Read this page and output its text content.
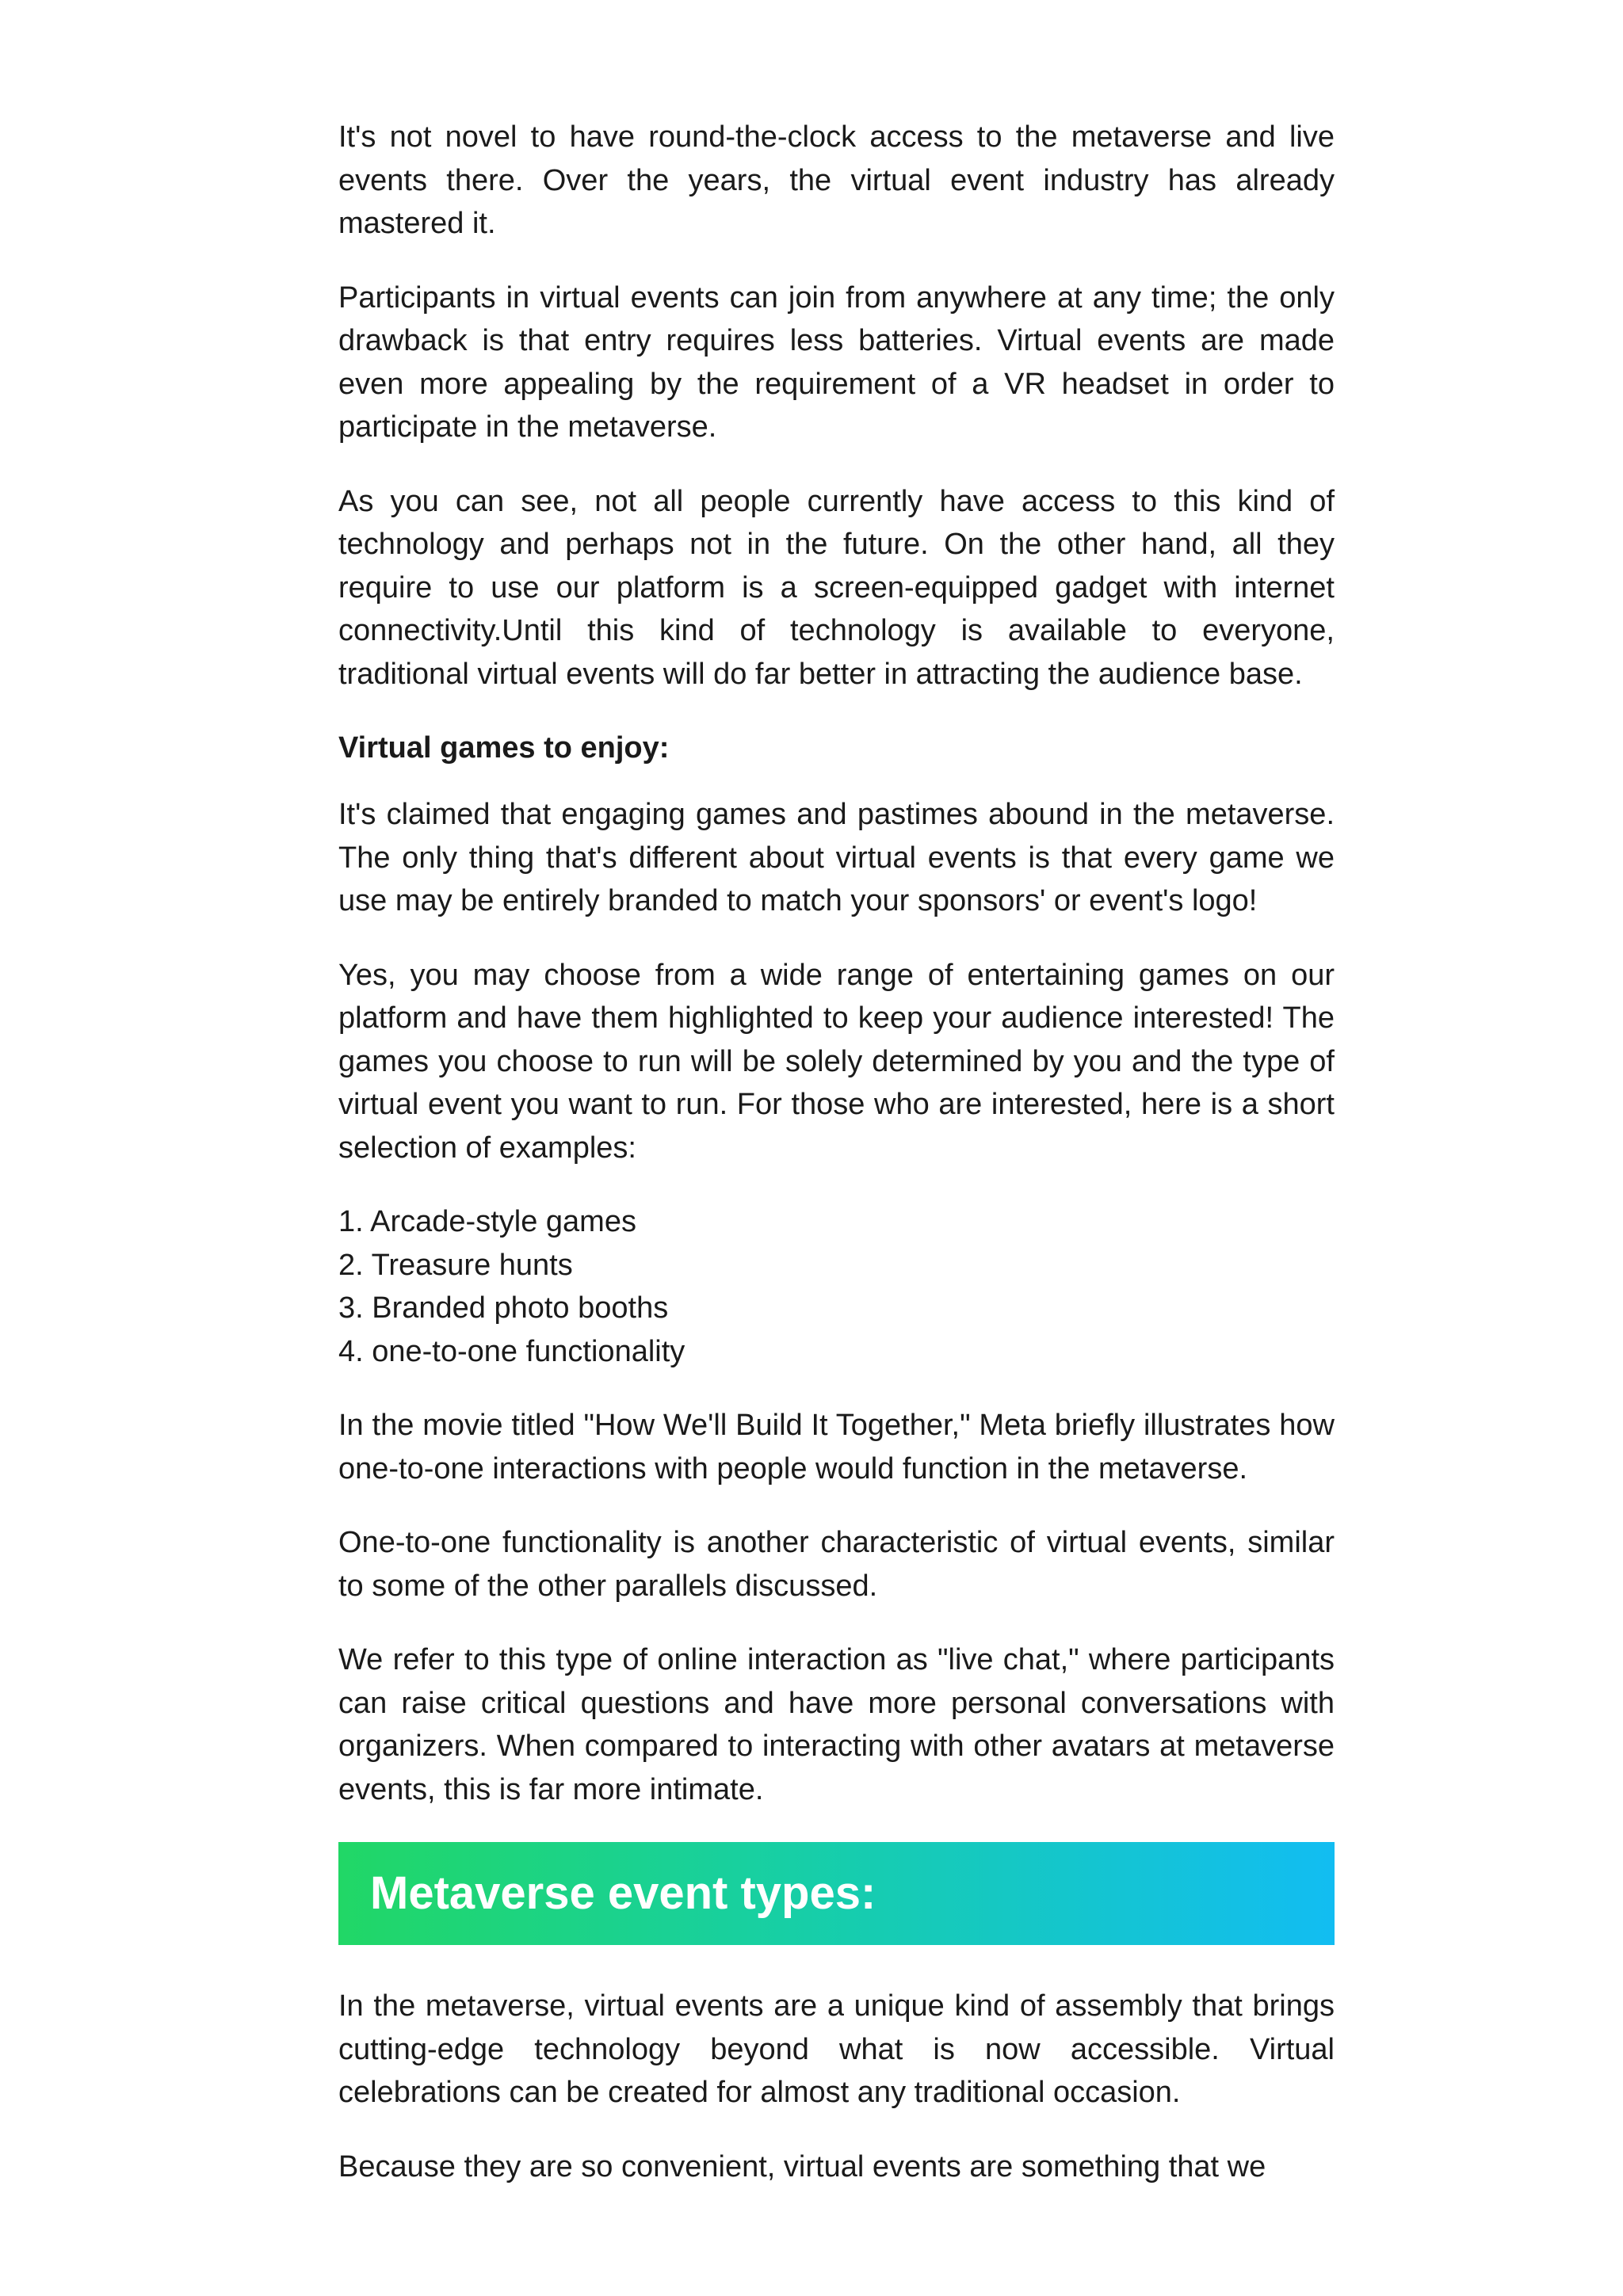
It's not novel to have round-the-clock access to the metaverse and live events there. Over the years, the virtual event industry has already mastered it.

Participants in virtual events can join from anywhere at any time; the only drawback is that entry requires less batteries. Virtual events are made even more appealing by the requirement of a VR headset in order to participate in the metaverse.

As you can see, not all people currently have access to this kind of technology and perhaps not in the future. On the other hand, all they require to use our platform is a screen-equipped gadget with internet connectivity.Until this kind of technology is available to everyone, traditional virtual events will do far better in attracting the audience base.

Virtual games to enjoy:

It's claimed that engaging games and pastimes abound in the metaverse. The only thing that's different about virtual events is that every game we use may be entirely branded to match your sponsors' or event's logo!

Yes, you may choose from a wide range of entertaining games on our platform and have them highlighted to keep your audience interested! The games you choose to run will be solely determined by you and the type of virtual event you want to run. For those who are interested, here is a short selection of examples:

1. Arcade-style games
2. Treasure hunts
3. Branded photo booths
4. one-to-one functionality

In the movie titled "How We'll Build It Together," Meta briefly illustrates how one-to-one interactions with people would function in the metaverse.

One-to-one functionality is another characteristic of virtual events, similar to some of the other parallels discussed.

We refer to this type of online interaction as "live chat," where participants can raise critical questions and have more personal conversations with organizers. When compared to interacting with other avatars at metaverse events, this is far more intimate.

Metaverse event types:

In the metaverse, virtual events are a unique kind of assembly that brings cutting-edge technology beyond what is now accessible. Virtual celebrations can be created for almost any traditional occasion.

Because they are so convenient, virtual events are something that we
